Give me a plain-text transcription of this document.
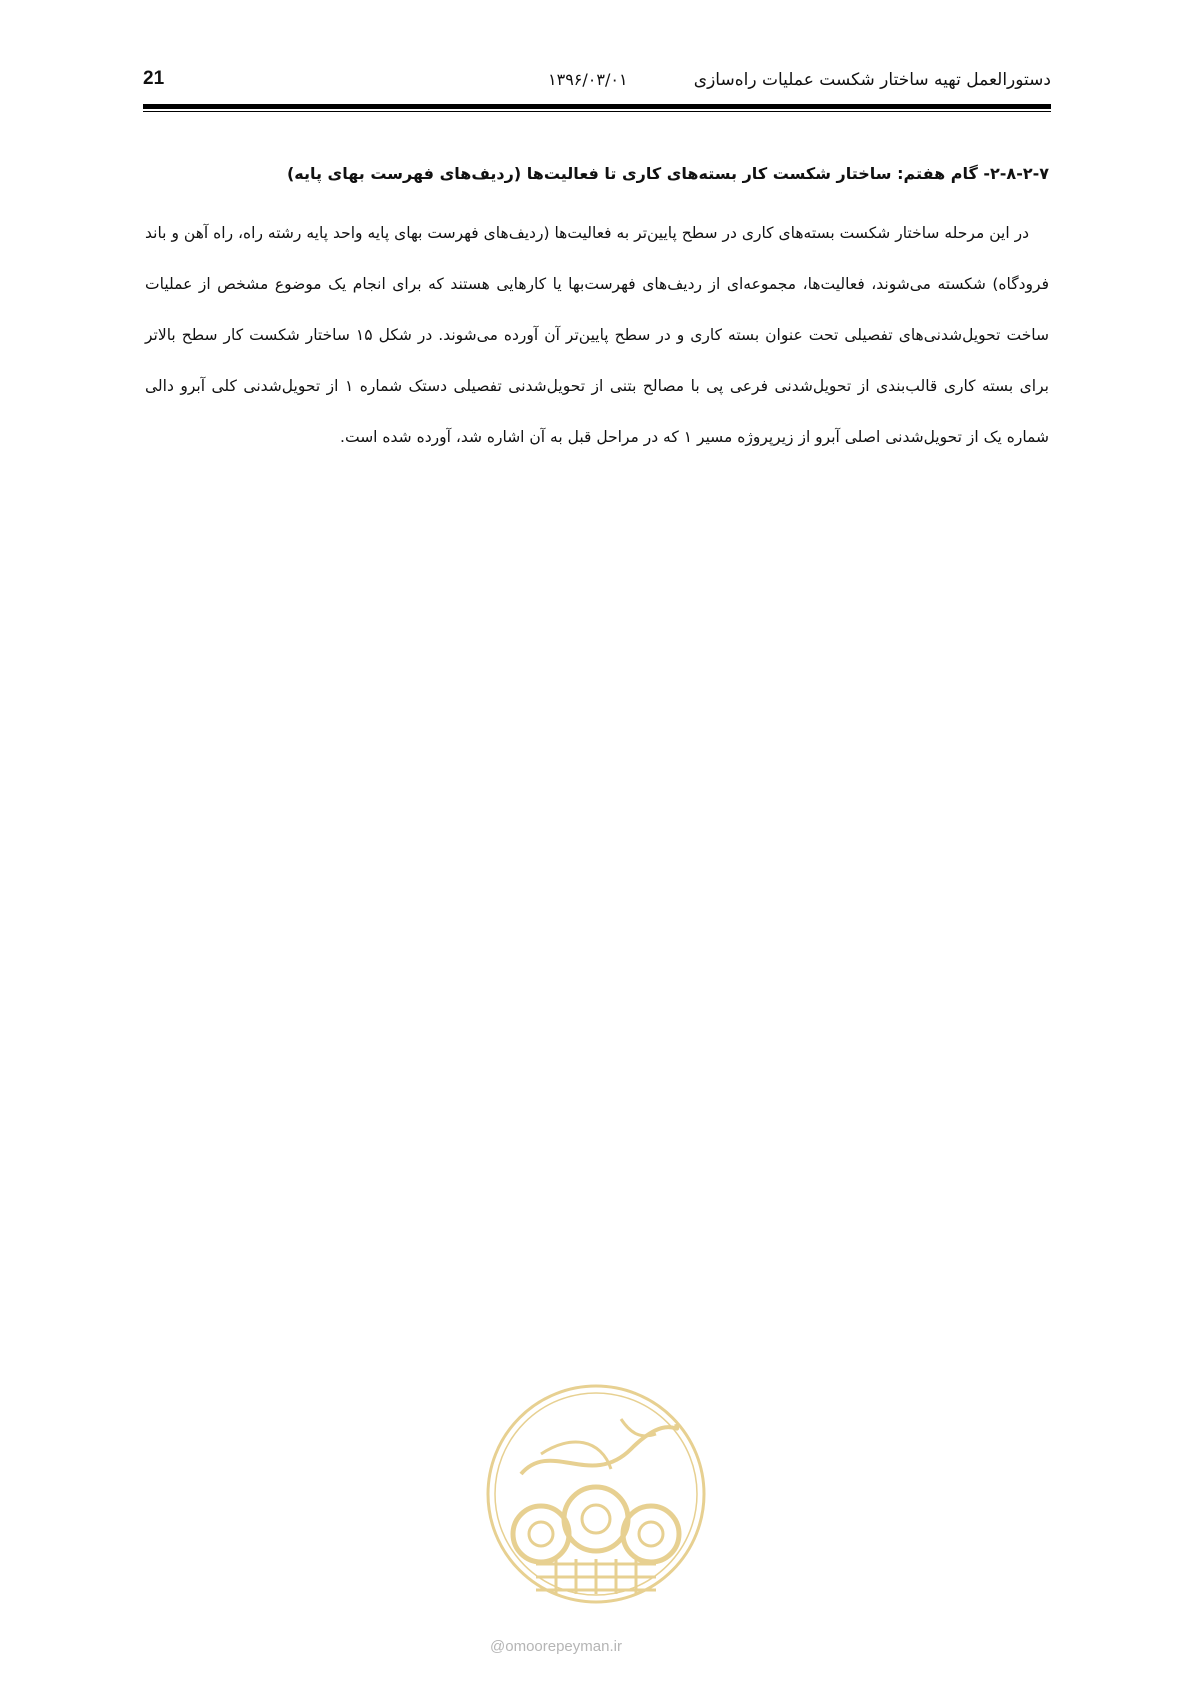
21	۱۳۹۶/۰۳/۰۱	دستورالعمل تهیه ساختار شکست عملیات راه‌سازی

۲-۸-۲-۷- گام هفتم: ساختار شکست کار بسته‌های کاری تا فعالیت‌ها (ردیف‌های فهرست بهای پایه)

در این مرحله ساختار شکست بسته‌های کاری در سطح پایین‌تر به فعالیت‌ها (ردیف‌های فهرست بهای پایه واحد پایه رشته راه، راه آهن و باند فرودگاه) شکسته می‌شوند، فعالیت‌ها، مجموعه‌ای از ردیف‌های فهرست‌بها یا کارهایی هستند که برای انجام یک موضوع مشخص از عملیات ساخت تحویل‌شدنی‌های تفصیلی تحت عنوان بسته کاری و در سطح پایین‌تر آن آورده می‌شوند. در شکل ۱۵ ساختار شکست کار سطح بالاتر برای بسته کاری قالب‌بندی از تحویل‌شدنی فرعی پی با مصالح بتنی از تحویل‌شدنی تفصیلی دستک شماره ۱ از تحویل‌شدنی کلی آبرو دالی شماره یک از تحویل‌شدنی اصلی آبرو از زیرپروژه مسیر ۱ که در مراحل قبل به آن اشاره شد، آورده شده است.

@omoorepeyman.ir
